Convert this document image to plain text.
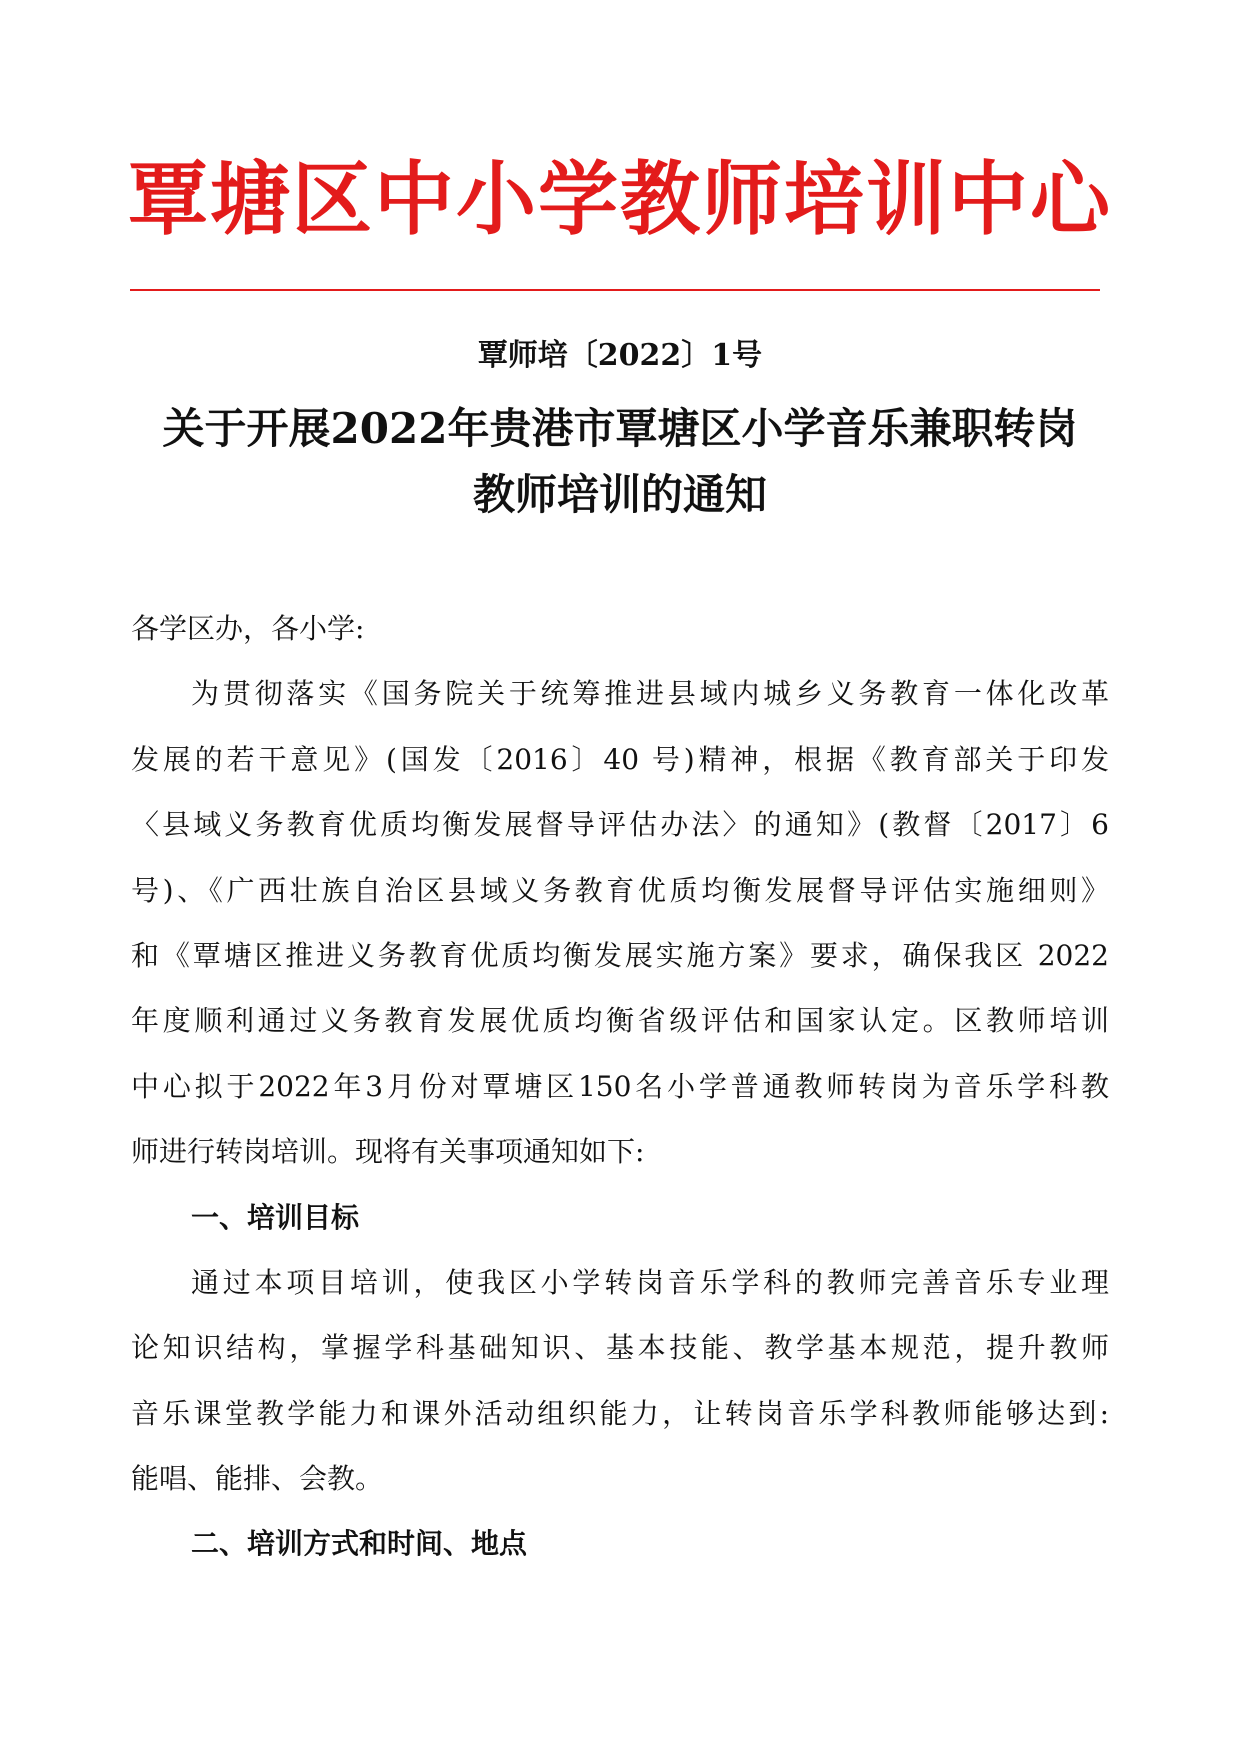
覃塘区中小学教师培训中心
覃师培〔2022〕1号
关于开展2022年贵港市覃塘区小学音乐兼职转岗
教师培训的通知
各学区办，各小学:
为贯彻落实《国务院关于统筹推进县域内城乡义务教育一体化改革
发展的若干意见》(国发〔2016〕40 号)精神，根据《教育部关于印发
〈县域义务教育优质均衡发展督导评估办法〉的通知》(教督〔2017〕6
号)、《广西壮族自治区县域义务教育优质均衡发展督导评估实施细则》
和《覃塘区推进义务教育优质均衡发展实施方案》要求，确保我区 2022
年度顺利通过义务教育发展优质均衡省级评估和国家认定。区教师培训
中心拟于2022年3月份对覃塘区150名小学普通教师转岗为音乐学科教
师进行转岗培训。现将有关事项通知如下:
一、培训目标
通过本项目培训，使我区小学转岗音乐学科的教师完善音乐专业理
论知识结构，掌握学科基础知识、基本技能、教学基本规范，提升教师
音乐课堂教学能力和课外活动组织能力，让转岗音乐学科教师能够达到:
能唱、能排、会教。
二、培训方式和时间、地点
